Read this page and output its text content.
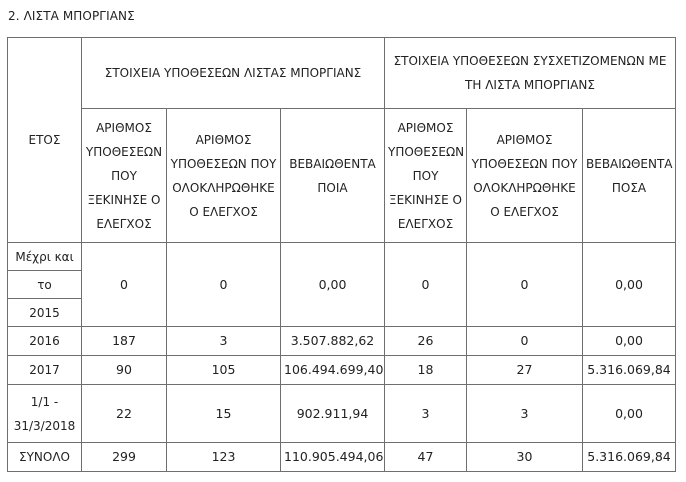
2. ΛΙΣΤΑ ΜΠΟΡΓΙΑΝΣ
ΕΤΟΣ	ΣΤΟΙΧΕΙΑ ΥΠΟΘΕΣΕΩΝ ΛΙΣΤΑΣ ΜΠΟΡΓΙΑΝΣ			ΣΤΟΙΧΕΙΑ ΥΠΟΘΕΣΕΩΝ ΣΥΣΧΕΤΙΖΟΜΕΝΩΝ ΜΕ ΤΗ ΛΙΣΤΑ ΜΠΟΡΓΙΑΝΣ		
	ΑΡΙΘΜΟΣ ΥΠΟΘΕΣΕΩΝ ΠΟΥ ΞΕΚΙΝΗΣΕ Ο ΕΛΕΓΧΟΣ	ΑΡΙΘΜΟΣ ΥΠΟΘΕΣΕΩΝ ΠΟΥ ΟΛΟΚΛΗΡΩΘΗΚΕ Ο ΕΛΕΓΧΟΣ	ΒΕΒΑΙΩΘΕΝΤΑ ΠΟΙΑ	ΑΡΙΘΜΟΣ ΥΠΟΘΕΣΕΩΝ ΠΟΥ ΞΕΚΙΝΗΣΕ Ο ΕΛΕΓΧΟΣ	ΑΡΙΘΜΟΣ ΥΠΟΘΕΣΕΩΝ ΠΟΥ ΟΛΟΚΛΗΡΩΘΗΚΕ Ο ΕΛΕΓΧΟΣ	ΒΕΒΑΙΩΘΕΝΤΑ ΠΟΣΑ
Μέχρι και	0	0	0,00	0	0	0,00
το						
2015						
2016	187	3	3.507.882,62	26	0	0,00
2017	90	105	106.494.699,40	18	27	5.316.069,84
1/1 - 31/3/2018	22	15	902.911,94	3	3	0,00
ΣΥΝΟΛΟ	299	123	110.905.494,06	47	30	5.316.069,84
